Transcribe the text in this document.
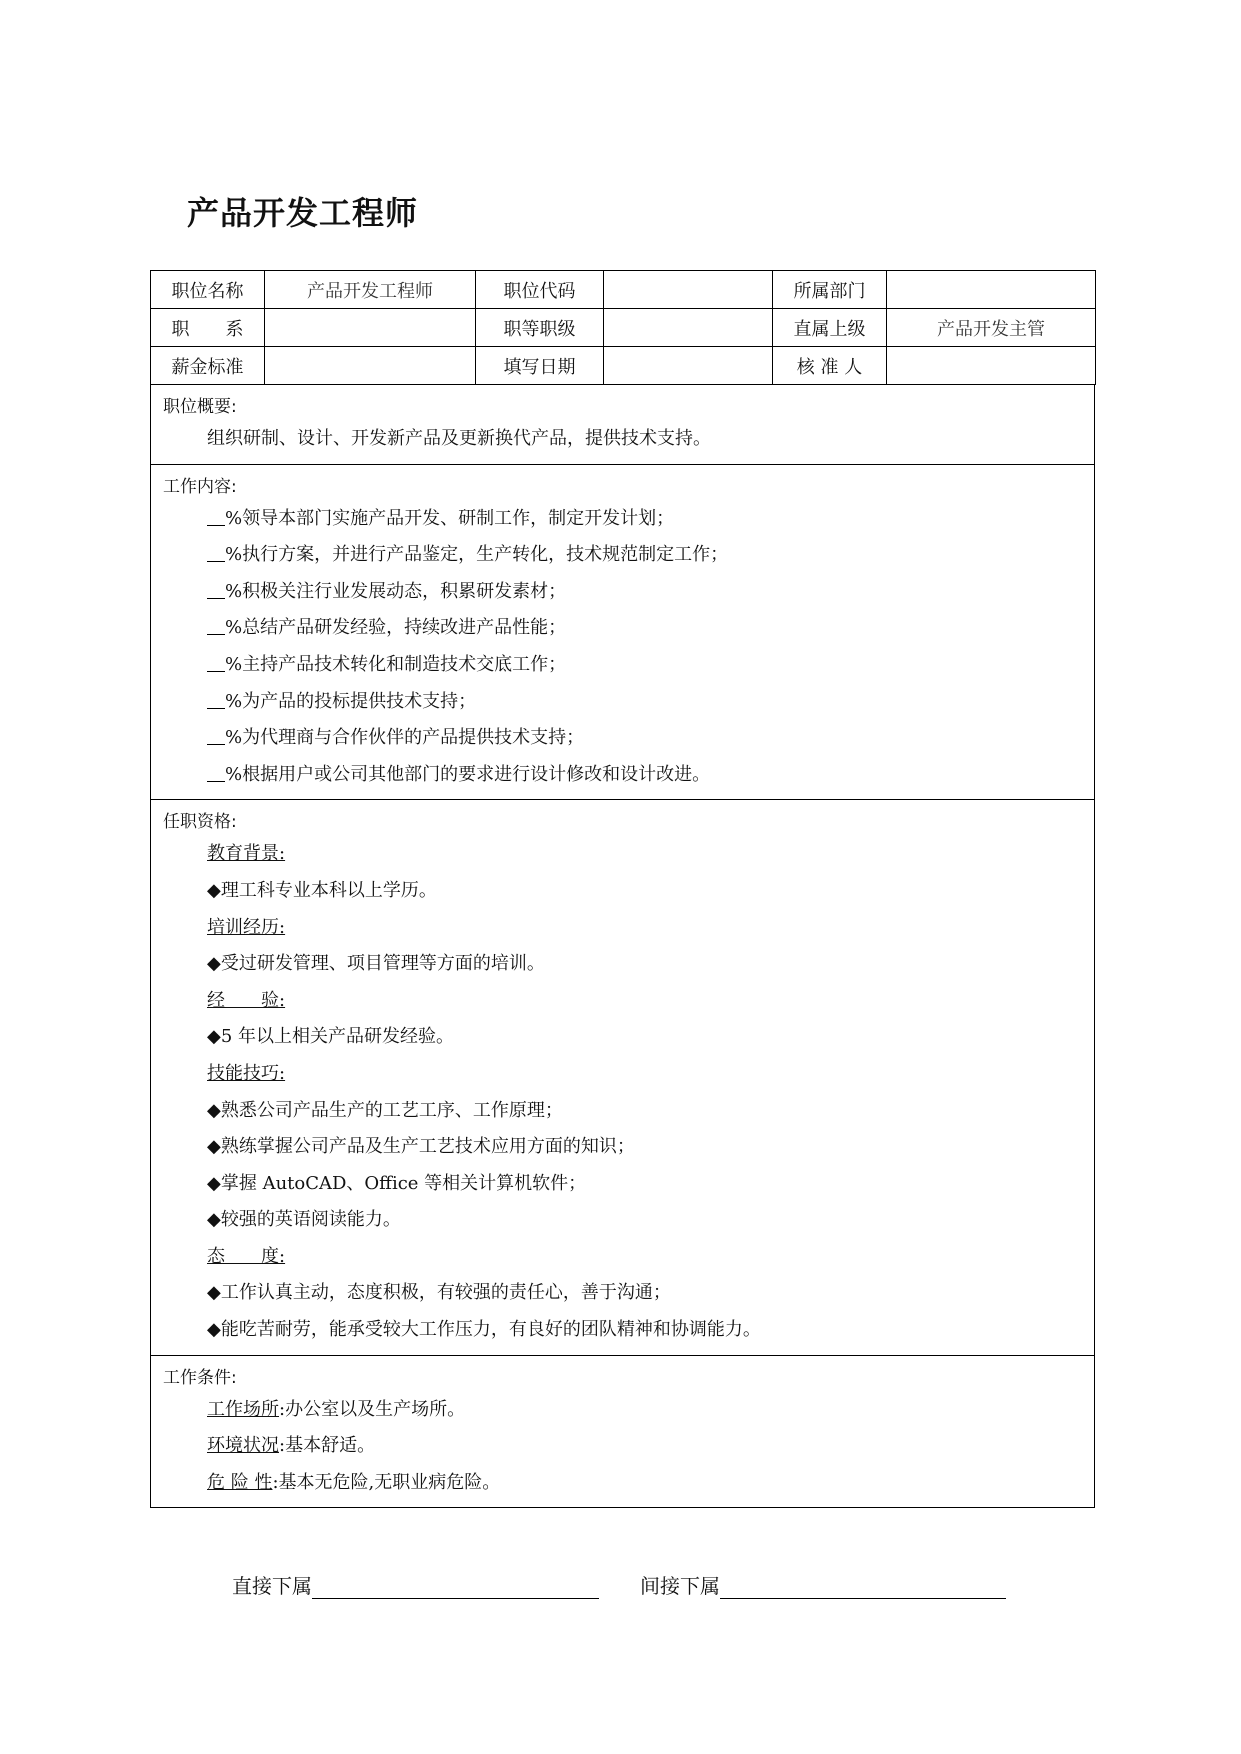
产品开发工程师
职位名称	产品开发工程师	职位代码		所属部门	
职　　系		职等职级		直属上级	产品开发主管
薪金标准		填写日期		核 准 人	
职位概要:
组织研制、设计、开发新产品及更新换代产品，提供技术支持。
工作内容:
%领导本部门实施产品开发、研制工作，制定开发计划；
%执行方案，并进行产品鉴定，生产转化，技术规范制定工作；
%积极关注行业发展动态，积累研发素材；
%总结产品研发经验，持续改进产品性能；
%主持产品技术转化和制造技术交底工作；
%为产品的投标提供技术支持；
%为代理商与合作伙伴的产品提供技术支持；
%根据用户或公司其他部门的要求进行设计修改和设计改进。
任职资格:
教育背景:
◆理工科专业本科以上学历。
培训经历:
◆受过研发管理、项目管理等方面的培训。
经　　验:
◆5 年以上相关产品研发经验。
技能技巧:
◆熟悉公司产品生产的工艺工序、工作原理；
◆熟练掌握公司产品及生产工艺技术应用方面的知识；
◆掌握 AutoCAD、Office 等相关计算机软件；
◆较强的英语阅读能力。
态　　度:
◆工作认真主动，态度积极，有较强的责任心，善于沟通；
◆能吃苦耐劳，能承受较大工作压力，有良好的团队精神和协调能力。
工作条件:
工作场所:办公室以及生产场所。
环境状况:基本舒适。
危 险 性:基本无危险,无职业病危险。
直接下属	间接下属
